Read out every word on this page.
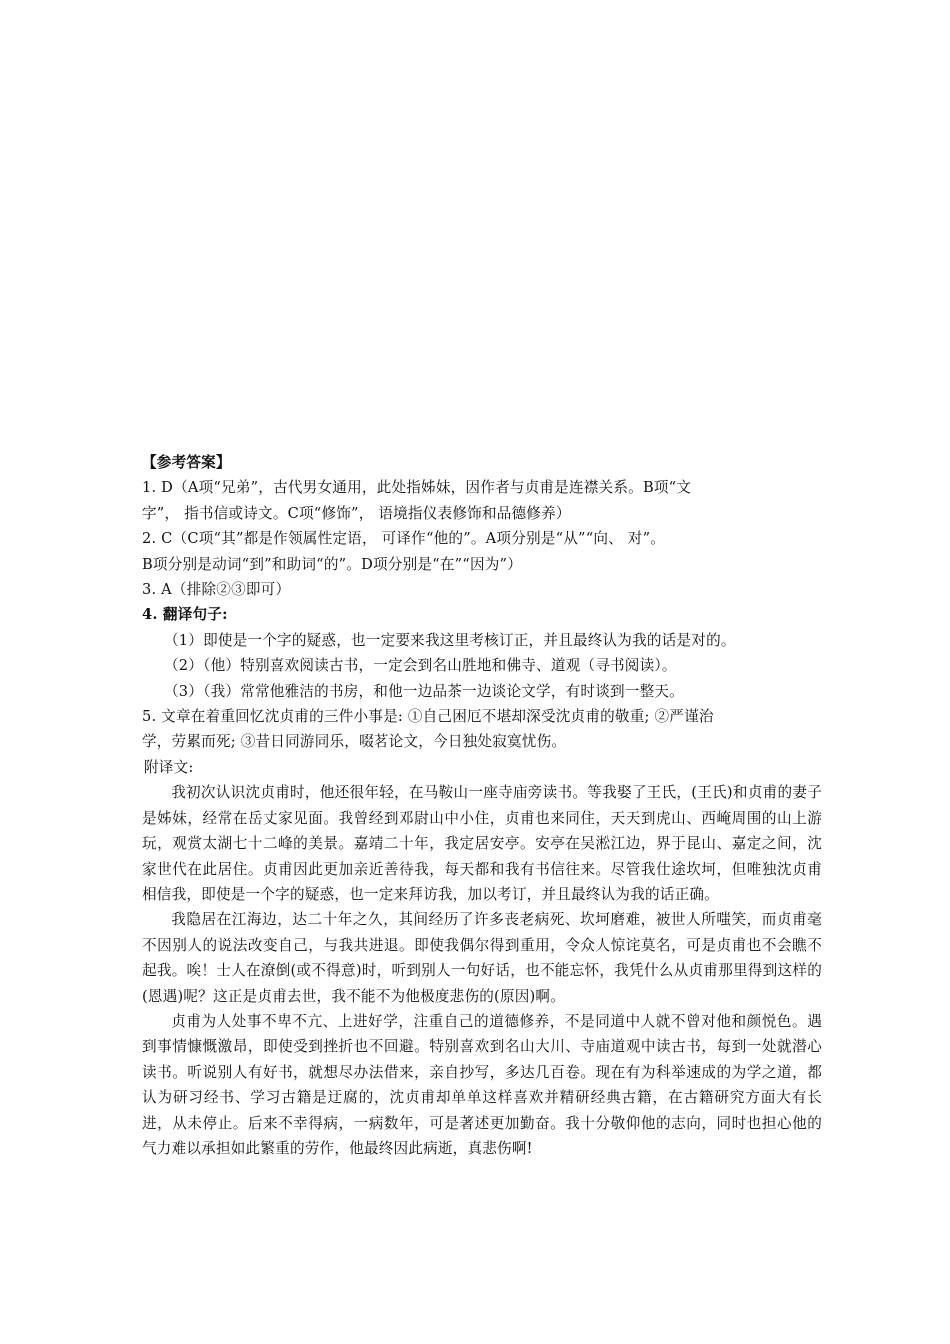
【参考答案】

1. D（A项“兄弟”，古代男女通用，此处指姊妹，因作者与贞甫是连襟关系。B项“文

字”， 指书信或诗文。C项“修饰”， 语境指仪表修饰和品德修养）

2. C（C项“其”都是作领属性定语， 可译作“他的”。A项分别是“从”“向、 对”。

B项分别是动词“到”和助词“的”。D项分别是“在”“因为”）

3. A（排除②③即可）

4. 翻译句子:

（1）即使是一个字的疑惑，也一定要来我这里考核订正，并且最终认为我的话是对的。

（2）（他）特别喜欢阅读古书，一定会到名山胜地和佛寺、道观（寻书阅读）。

（3）（我）常常他雅洁的书房，和他一边品茶一边谈论文学，有时谈到一整天。

5. 文章在着重回忆沈贞甫的三件小事是: ①自己困厄不堪却深受沈贞甫的敬重; ②严谨治

学，劳累而死; ③昔日同游同乐，啜茗论文，今日独处寂寞忧伤。

附译文:

我初次认识沈贞甫时，他还很年轻，在马鞍山一座寺庙旁读书。等我娶了王氏，(王氏)和贞甫的妻子是姊妹，经常在岳丈家见面。我曾经到邓尉山中小住，贞甫也来同住，天天到虎山、西崦周围的山上游玩，观赏太湖七十二峰的美景。嘉靖二十年，我定居安亭。安亭在吴淞江边，界于昆山、嘉定之间，沈家世代在此居住。贞甫因此更加亲近善待我，每天都和我有书信往来。尽管我仕途坎坷，但唯独沈贞甫相信我，即使是一个字的疑惑，也一定来拜访我，加以考订，并且最终认为我的话正确。

我隐居在江海边，达二十年之久，其间经历了许多丧老病死、坎坷磨难，被世人所嗤笑，而贞甫毫不因别人的说法改变自己，与我共进退。即使我偶尔得到重用，令众人惊诧莫名，可是贞甫也不会瞧不起我。唉！士人在潦倒(或不得意)时，听到别人一句好话，也不能忘怀，我凭什么从贞甫那里得到这样的(恩遇)呢？这正是贞甫去世，我不能不为他极度悲伤的(原因)啊。

贞甫为人处事不卑不亢、上进好学，注重自己的道德修养，不是同道中人就不曾对他和颜悦色。遇到事情慷慨激昂，即使受到挫折也不回避。特别喜欢到名山大川、寺庙道观中读古书，每到一处就潜心读书。听说别人有好书，就想尽办法借来，亲自抄写，多达几百卷。现在有为科举速成的为学之道，都认为研习经书、学习古籍是迂腐的，沈贞甫却单单这样喜欢并精研经典古籍，在古籍研究方面大有长进，从未停止。后来不幸得病，一病数年，可是著述更加勤奋。我十分敬仰他的志向，同时也担心他的气力难以承担如此繁重的劳作，他最终因此病逝，真悲伤啊!
